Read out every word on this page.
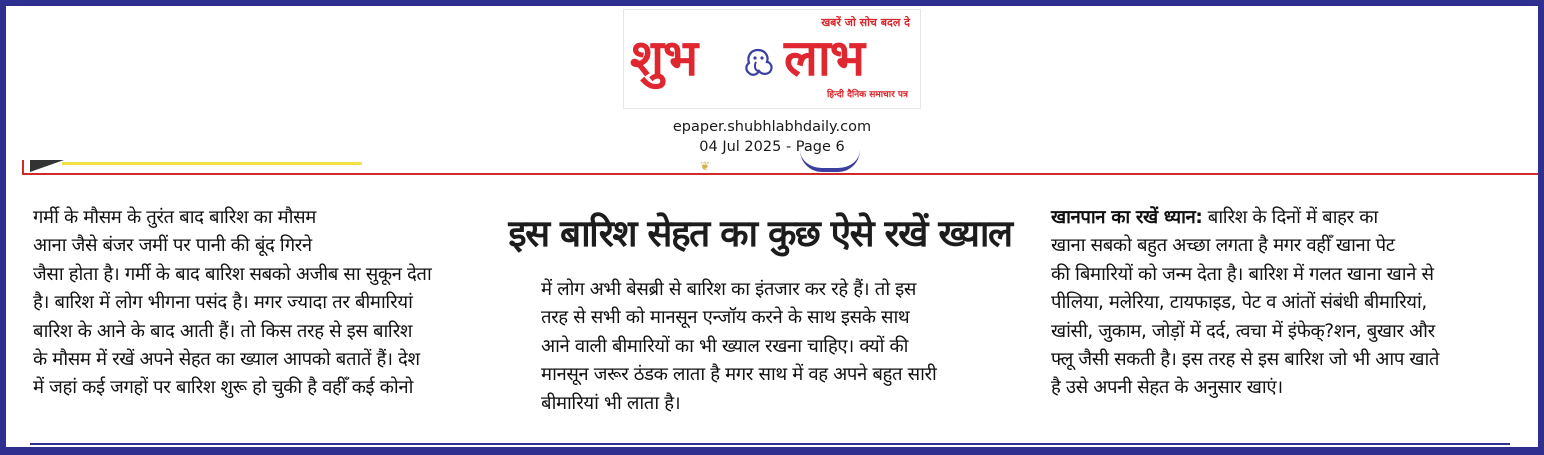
खबरें जो सोच बदल दे
शुभ लाभ
हिन्दी दैनिक समाचार पत्र
epaper.shubhlabhdaily.com
04 Jul 2025 - Page 6
❦
इस बारिश सेहत का कुछ ऐसे रखें ख्याल
गर्मी के मौसम के तुरंत बाद बारिश का मौसम
आना जैसे बंजर जमीं पर पानी की बूंद गिरने
जैसा होता है। गर्मी के बाद बारिश सबको अजीब सा सुकून देता
है। बारिश में लोग भीगना पसंद है। मगर ज्यादा तर बीमारियां
बारिश के आने के बाद आती हैं। तो किस तरह से इस बारिश
के मौसम में रखें अपने सेहत का ख्याल आपको बतातें हैं। देश
में जहां कई जगहों पर बारिश शुरू हो चुकी है वहीँ कई कोनो
में लोग अभी बेसब्री से बारिश का इंतजार कर रहे हैं। तो इस
तरह से सभी को मानसून एन्जॉय करने के साथ इसके साथ
आने वाली बीमारियों का भी ख्याल रखना चाहिए। क्यों की
मानसून जरूर ठंडक लाता है मगर साथ में वह अपने बहुत सारी
बीमारियां भी लाता है।
खानपान का रखें ध्यान: बारिश के दिनों में बाहर का
खाना सबको बहुत अच्छा लगता है मगर वहीँ खाना पेट
की बिमारियों को जन्म देता है। बारिश में गलत खाना खाने से
पीलिया, मलेरिया, टायफाइड, पेट व आंतों संबंधी बीमारियां,
खांसी, जुकाम, जोड़ों में दर्द, त्वचा में इंफेक्?शन, बुखार और
फ्लू जैसी सकती है। इस तरह से इस बारिश जो भी आप खाते
है उसे अपनी सेहत के अनुसार खाएं।
